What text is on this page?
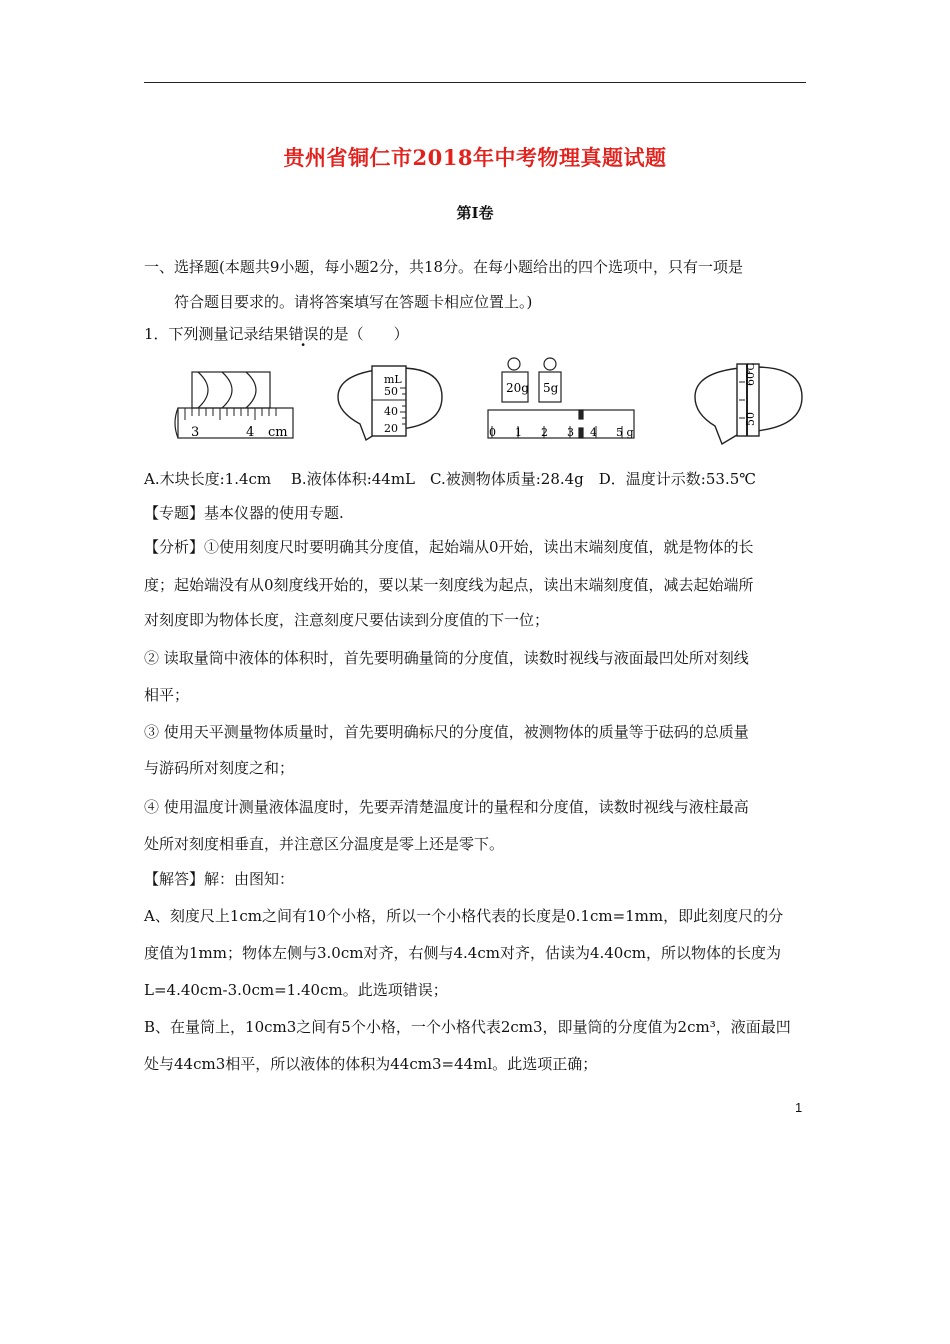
贵州省铜仁市2018年中考物理真题试题
第Ⅰ卷
一、选择题(本题共9小题，每小题2分，共18分。在每小题给出的四个选项中，只有一项是
符合题目要求的。请将答案填写在答题卡相应位置上。)
1．下列测量记录结果错误的是（　　）
3	4 cm
mL
50
40
20
20g 5g
0 1 2 3 4 5 g
60
50
℃
A.木块长度:1.4cm　 B.液体体积:44mL　C.被测物体质量:28.4g　D．温度计示数:53.5℃
【专题】基本仪器的使用专题.
【分析】①使用刻度尺时要明确其分度值，起始端从0开始，读出末端刻度值，就是物体的长
度；起始端没有从0刻度线开始的，要以某一刻度线为起点，读出末端刻度值，减去起始端所
对刻度即为物体长度，注意刻度尺要估读到分度值的下一位；
② 读取量筒中液体的体积时，首先要明确量筒的分度值，读数时视线与液面最凹处所对刻线
相平；
③ 使用天平测量物体质量时，首先要明确标尺的分度值，被测物体的质量等于砝码的总质量
与游码所对刻度之和；
④ 使用温度计测量液体温度时，先要弄清楚温度计的量程和分度值，读数时视线与液柱最高
处所对刻度相垂直，并注意区分温度是零上还是零下。
【解答】解：由图知：
A、刻度尺上1cm之间有10个小格，所以一个小格代表的长度是0.1cm=1mm，即此刻度尺的分
度值为1mm；物体左侧与3.0cm对齐，右侧与4.4cm对齐，估读为4.40cm，所以物体的长度为
L=4.40cm-3.0cm=1.40cm。此选项错误；
B、在量筒上，10cm3之间有5个小格，一个小格代表2cm3，即量筒的分度值为2cm³，液面最凹
处与44cm3相平，所以液体的体积为44cm3=44ml。此选项正确；
1
